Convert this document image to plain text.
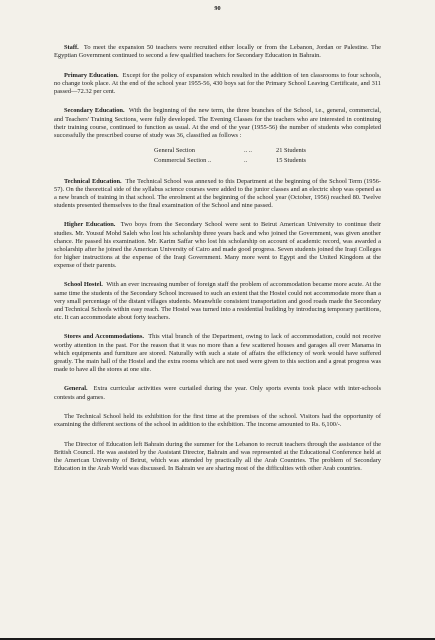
90

Staff. To meet the expansion 50 teachers were recruited either locally or from the Lebanon, Jordan or Palestine. The Egyptian Government continued to second a few qualified teachers for Secondary Education in Bahrain.

Primary Education. Except for the policy of expansion which resulted in the addition of ten classrooms to four schools, no change took place. At the end of the school year 1955-56, 430 boys sat for the Primary School Leaving Certificate, and 311 passed—72.32 per cent.

Secondary Education. With the beginning of the new term, the three branches of the School, i.e., general, commercial, and Teachers' Training Sections, were fully developed. The Evening Classes for the teachers who are interested in continuing their training course, continued to function as usual. At the end of the year (1955-56) the number of students who completed successfully the prescribed course of study was 36, classified as follows :

General Section	.. ..	21 Students
Commercial Section ..	..	15 Students

Technical Education. The Technical School was annexed to this Department at the beginning of the School Term (1956-57). On the theoretical side of the syllabus science courses were added to the junior classes and an electric shop was opened as a new branch of training in that school. The enrolment at the beginning of the school year (October, 1956) reached 80. Twelve students presented themselves to the final examination of the School and nine passed.

Higher Education. Two boys from the Secondary School were sent to Beirut American University to continue their studies. Mr. Yousuf Mohd Saleh who lost his scholarship three years back and who joined the Government, was given another chance. He passed his examination. Mr. Karim Saffar who lost his scholarship on account of academic record, was awarded a scholarship after he joined the American University of Cairo and made good progress. Seven students joined the Iraqi Colleges for higher instructions at the expense of the Iraqi Government. Many more went to Egypt and the United Kingdom at the expense of their parents.

School Hostel. With an ever increasing number of foreign staff the problem of accommodation became more acute. At the same time the students of the Secondary School increased to such an extent that the Hostel could not accommodate more than a very small percentage of the distant villages students. Meanwhile consistent transportation and good roads made the Secondary and Technical Schools within easy reach. The Hostel was turned into a residential building by introducing temporary partitions, etc. It can accommodate about forty teachers.

Stores and Accommodations. This vital branch of the Department, owing to lack of accommodation, could not receive worthy attention in the past. For the reason that it was no more than a few scattered houses and garages all over Manama in which equipments and furniture are stored. Naturally with such a state of affairs the efficiency of work would have suffered greatly. The main hall of the Hostel and the extra rooms which are not used were given to this section and a great progress was made to have all the stores at one site.

General. Extra curricular activities were curtailed during the year. Only sports events took place with inter-schools contests and games.

The Technical School held its exhibition for the first time at the premises of the school. Visitors had the opportunity of examining the different sections of the school in addition to the exhibition. The income amounted to Rs. 6,100/-.

The Director of Education left Bahrain during the summer for the Lebanon to recruit teachers through the assistance of the British Council. He was assisted by the Assistant Director, Bahrain and was represented at the Educational Conference held at the American University of Beirut, which was attended by practically all the Arab Countries. The problem of Secondary Education in the Arab World was discussed. In Bahrain we are sharing most of the difficulties with other Arab countries.
